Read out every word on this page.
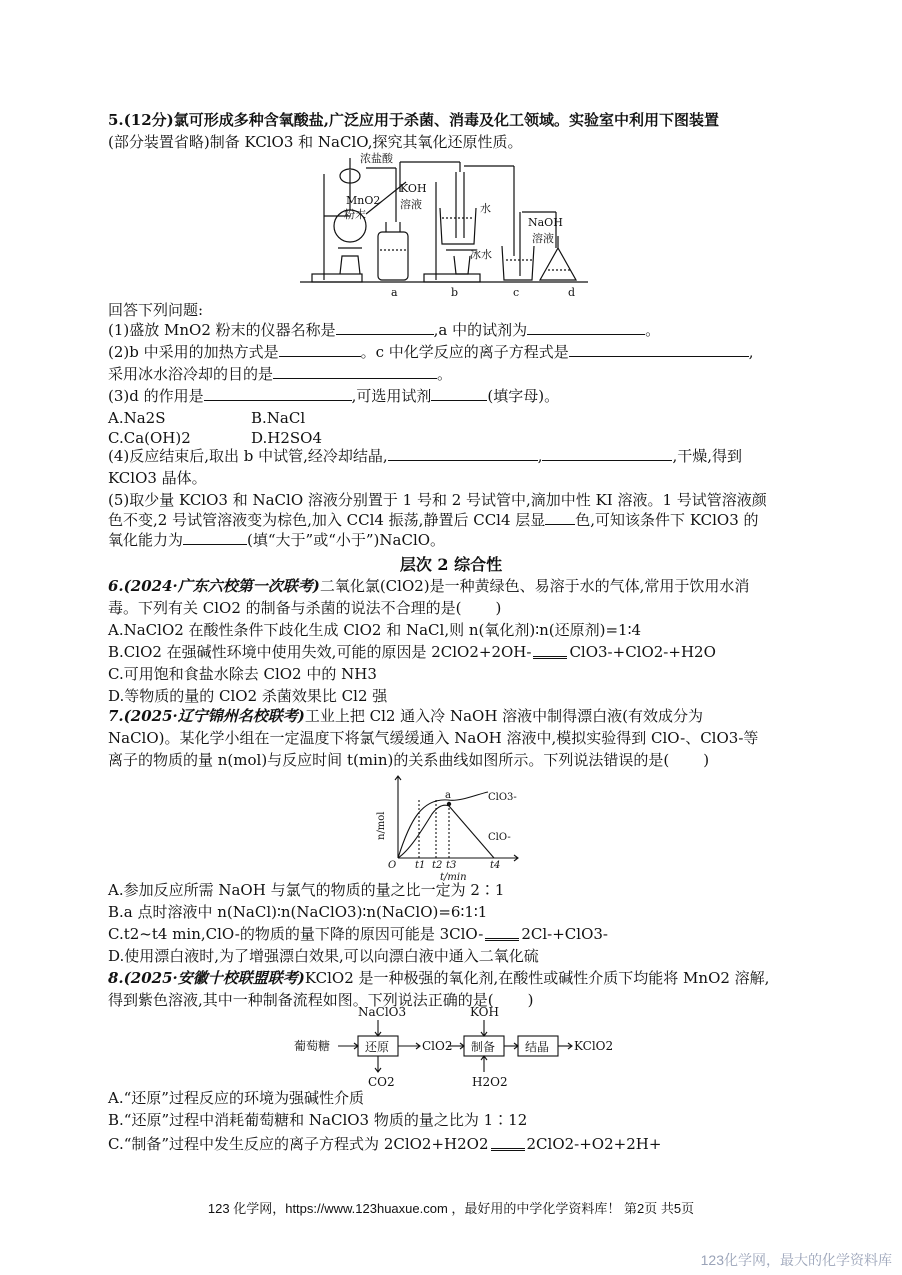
5.(12分)氯可形成多种含氧酸盐,广泛应用于杀菌、消毒及化工领域。实验室中利用下图装置
(部分装置省略)制备 KClO3 和 NaClO,探究其氧化还原性质。
浓盐酸
MnO2
粉末
KOH
溶液	水
冰水
NaOH
溶液
a	b	c	d
回答下列问题:
(1)盛放 MnO2 粉末的仪器名称是	,a 中的试剂为	。
(2)b 中采用的加热方式是	。c 中化学反应的离子方程式是	,
采用冰水浴冷却的目的是	。
(3)d 的作用是	,可选用试剂	(填字母)。
A.Na2S	B.NaCl
C.Ca(OH)2	D.H2SO4
(4)反应结束后,取出 b 中试管,经冷却结晶,	,	,干燥,得到
KClO3 晶体。
(5)取少量 KClO3 和 NaClO 溶液分别置于 1 号和 2 号试管中,滴加中性 KI 溶液。1 号试管溶液颜
色不变,2 号试管溶液变为棕色,加入 CCl4 振荡,静置后 CCl4 层显 色,可知该条件下 KClO3 的
氧化能力为	(填“大于”或“小于”)NaClO。
层次 2 综合性
6.(2024·广东六校第一次联考)二氧化氯(ClO2)是一种黄绿色、易溶于水的气体,常用于饮用水消
毒。下列有关 ClO2 的制备与杀菌的说法不合理的是( )
A.NaClO2 在酸性条件下歧化生成 ClO2 和 NaCl,则 n(氧化剂)∶n(还原剂)=1∶4
B.ClO2 在强碱性环境中使用失效,可能的原因是 2ClO2+2OH-	ClO3-+ClO2-+H2O
C.可用饱和食盐水除去 ClO2 中的 NH3
D.等物质的量的 ClO2 杀菌效果比 Cl2 强
7.(2025·辽宁锦州名校联考)工业上把 Cl2 通入冷 NaOH 溶液中制得漂白液(有效成分为
NaClO)。某化学小组在一定温度下将氯气缓缓通入 NaOH 溶液中,模拟实验得到 ClO-、ClO3-等
离子的物质的量 n(mol)与反应时间 t(min)的关系曲线如图所示。下列说法错误的是( )
n/mol
O t1 t2 t3	t4
t/min
a	ClO3-
ClO-
A.参加反应所需 NaOH 与氯气的物质的量之比一定为 2∶1
B.a 点时溶液中 n(NaCl)∶n(NaClO3)∶n(NaClO)=6∶1∶1
C.t2~t4 min,ClO-的物质的量下降的原因可能是 3ClO-	2Cl-+ClO3-
D.使用漂白液时,为了增强漂白效果,可以向漂白液中通入二氧化硫
8.(2025·安徽十校联盟联考)KClO2 是一种极强的氧化剂,在酸性或碱性介质下均能将 MnO2 溶解,
得到紫色溶液,其中一种制备流程如图。下列说法正确的是( )
葡萄糖	还原
NaClO3
CO2
ClO2 制备
KOH
H2O2
结晶 KClO2
A.“还原”过程反应的环境为强碱性介质
B.“还原”过程中消耗葡萄糖和 NaClO3 物质的量之比为 1∶12
C.“制备”过程中发生反应的离子方程式为 2ClO2+H2O2	2ClO2-+O2+2H+
123 化学网，https://www.123huaxue.com ，最好用的中学化学资料库！ 第2页 共5页
123化学网，最大的化学资料库
